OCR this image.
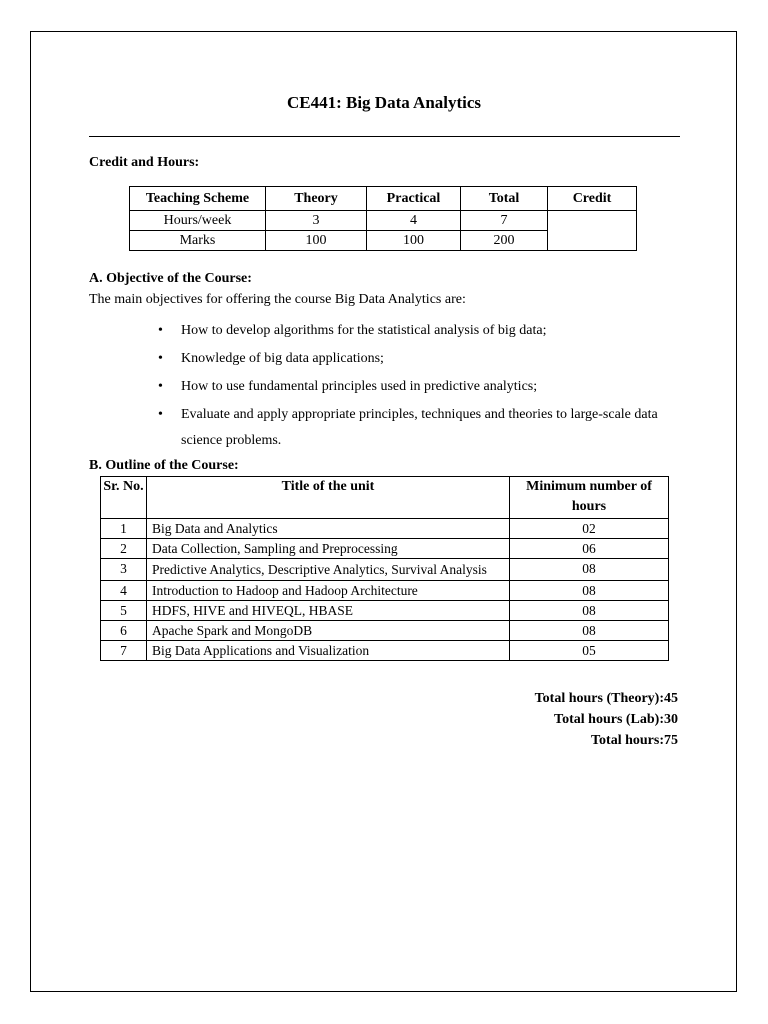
CE441: Big Data Analytics
Credit and Hours:
Teaching Scheme	Theory	Practical	Total	Credit
Hours/week	3	4	7	
Marks	100	100	200	
A. Objective of the Course:
The main objectives for offering the course Big Data Analytics are:
• How to develop algorithms for the statistical analysis of big data;
• Knowledge of big data applications;
• How to use fundamental principles used in predictive analytics;
• Evaluate and apply appropriate principles, techniques and theories to large-scale data science problems.
B. Outline of the Course:
Sr. No.	Title of the unit	Minimum number of hours
1	Big Data and Analytics	02
2	Data Collection, Sampling and Preprocessing	06
3	Predictive Analytics, Descriptive Analytics, Survival Analysis	08
4	Introduction to Hadoop and Hadoop Architecture	08
5	HDFS, HIVE and HIVEQL, HBASE	08
6	Apache Spark and MongoDB	08
7	Big Data Applications and Visualization	05
Total hours (Theory):45
Total hours (Lab):30
Total hours:75
